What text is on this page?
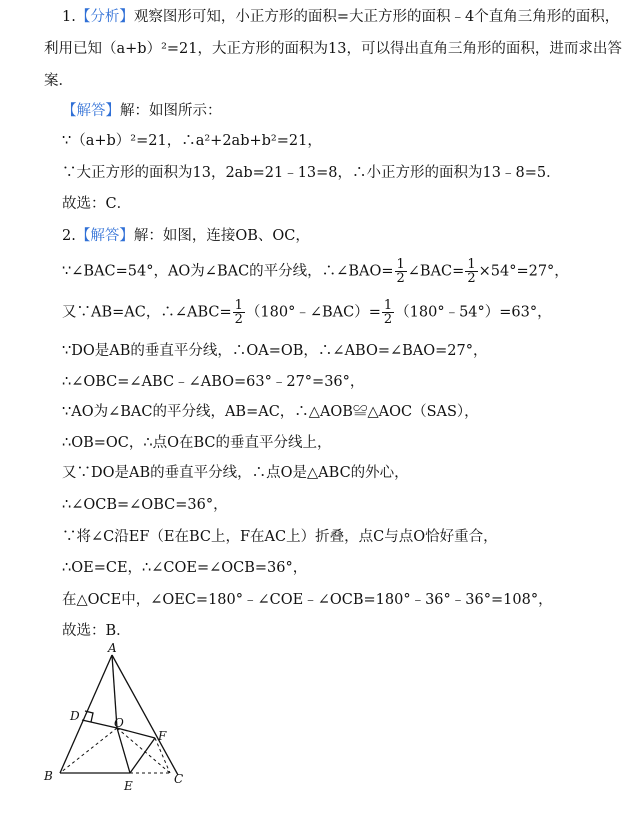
1.【分析】观察图形可知，小正方形的面积=大正方形的面积﹣4个直角三角形的面积，
利用已知（a+b）²=21，大正方形的面积为13，可以得出直角三角形的面积，进而求出答
案．
【解答】解：如图所示：
∵（a+b）²=21，∴a²+2ab+b²=21，
∵大正方形的面积为13，2ab=21﹣13=8，∴小正方形的面积为13﹣8=5．
故选：C．
2.【解答】解：如图，连接OB、OC，
∵∠BAC=54°，AO为∠BAC的平分线，∴∠BAO= $\frac{1}{2}$ ∠BAC= $\frac{1}{2} \times 54^\circ=27^\circ$，
又∵AB=AC，∴∠ABC= $\frac{1}{2}$ （180°﹣∠BAC）= $\frac{1}{2}$ （180°﹣54°）=63°，
∵DO是AB的垂直平分线，∴OA=OB，∴∠ABO=∠BAO=27°，
∴∠OBC=∠ABC﹣∠ABO=63°﹣27°=36°，
∵AO为∠BAC的平分线，AB=AC，∴△AOB≌△AOC（SAS），
∴OB=OC，∴点O在BC的垂直平分线上，
又∵DO是AB的垂直平分线，∴点O是△ABC的外心，
∴∠OCB=∠OBC=36°，
∵将∠C沿EF（E在BC上，F在AC上）折叠，点C与点O恰好重合，
∴OE=CE，∴∠COE=∠OCB=36°，
在△OCE中，∠OEC=180°﹣∠COE﹣∠OCB=180°﹣36°﹣36°=108°，
故选：B．
A
B	C
D
E
F
O
